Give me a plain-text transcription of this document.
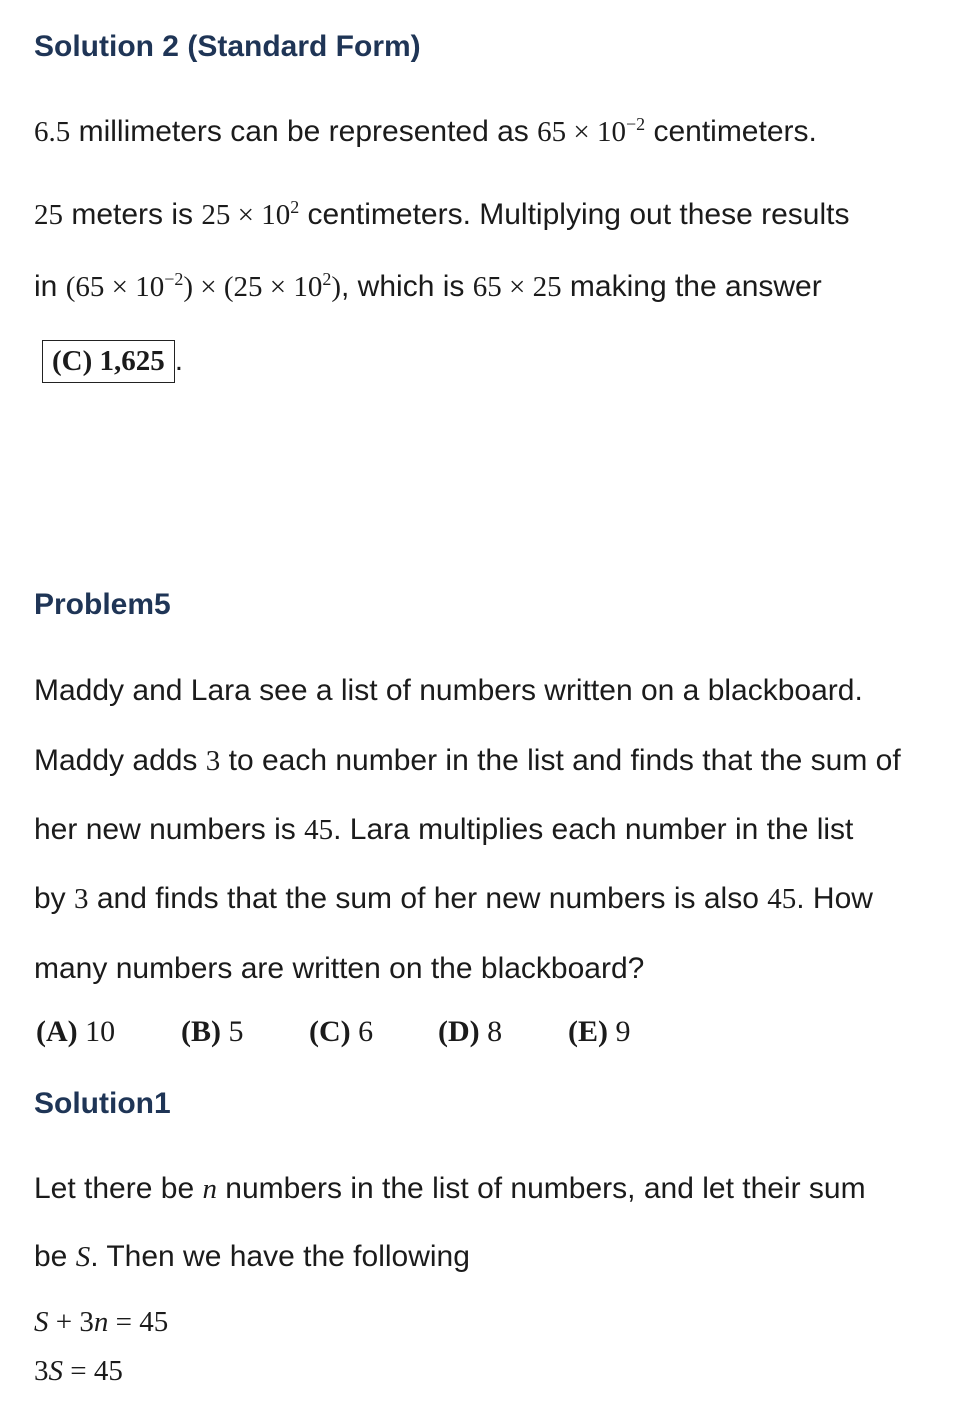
Solution 2 (Standard Form)
6.5 millimeters can be represented as $65 \times 10^{-2}$ centimeters.
25 meters is $25 \times 10^2$ centimeters. Multiplying out these results
in $(65 \times 10^{-2}) \times (25 \times 10^2)$, which is 65 × 25 making the answer
(C) 1,625 .
Problem5
Maddy and Lara see a list of numbers written on a blackboard.
Maddy adds 3 to each number in the list and finds that the sum of
her new numbers is 45. Lara multiplies each number in the list
by 3 and finds that the sum of her new numbers is also 45. How
many numbers are written on the blackboard?
(A) 10 (B) 5 (C) 6 (D) 8 (E) 9
Solution1
Let there be n numbers in the list of numbers, and let their sum
be S. Then we have the following
S + 3n = 45
3S = 45
